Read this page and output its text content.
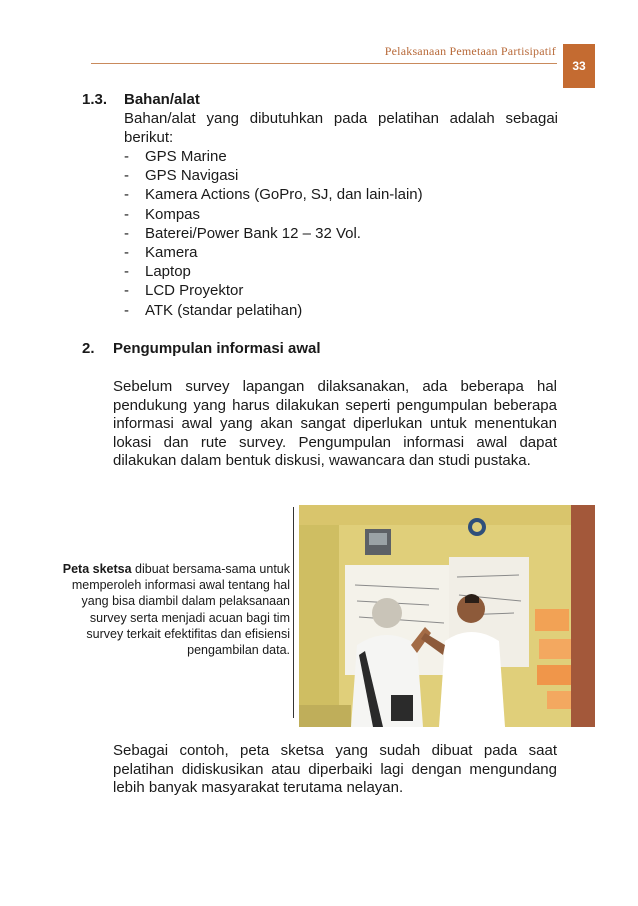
Pelaksanaan Pemetaan Partisipatif
33
1.3. Bahan/alat
Bahan/alat yang dibutuhkan pada pelatihan adalah sebagai berikut:
-	GPS Marine
-	GPS Navigasi
-	Kamera Actions (GoPro, SJ, dan lain-lain)
-	Kompas
-	Baterei/Power Bank 12 – 32 Vol.
-	Kamera
-	Laptop
-	LCD Proyektor
-	ATK (standar pelatihan)
2. Pengumpulan informasi awal
Sebelum survey lapangan dilaksanakan, ada beberapa hal pendukung yang harus dilakukan seperti pengumpulan beberapa informasi awal yang akan sangat diperlukan untuk menentukan lokasi dan rute survey. Pengumpulan informasi awal dapat dilakukan dalam bentuk diskusi, wawancara dan studi pustaka.
Peta sketsa dibuat bersama-sama untuk memperoleh informasi awal tentang hal yang bisa diambil dalam pelaksanaan survey serta menjadi acuan bagi tim survey terkait efektifitas dan efisiensi pengambilan data.
Sebagai contoh, peta sketsa yang sudah dibuat pada saat pelatihan didiskusikan atau diperbaiki lagi dengan mengundang lebih banyak masyarakat terutama nelayan.
